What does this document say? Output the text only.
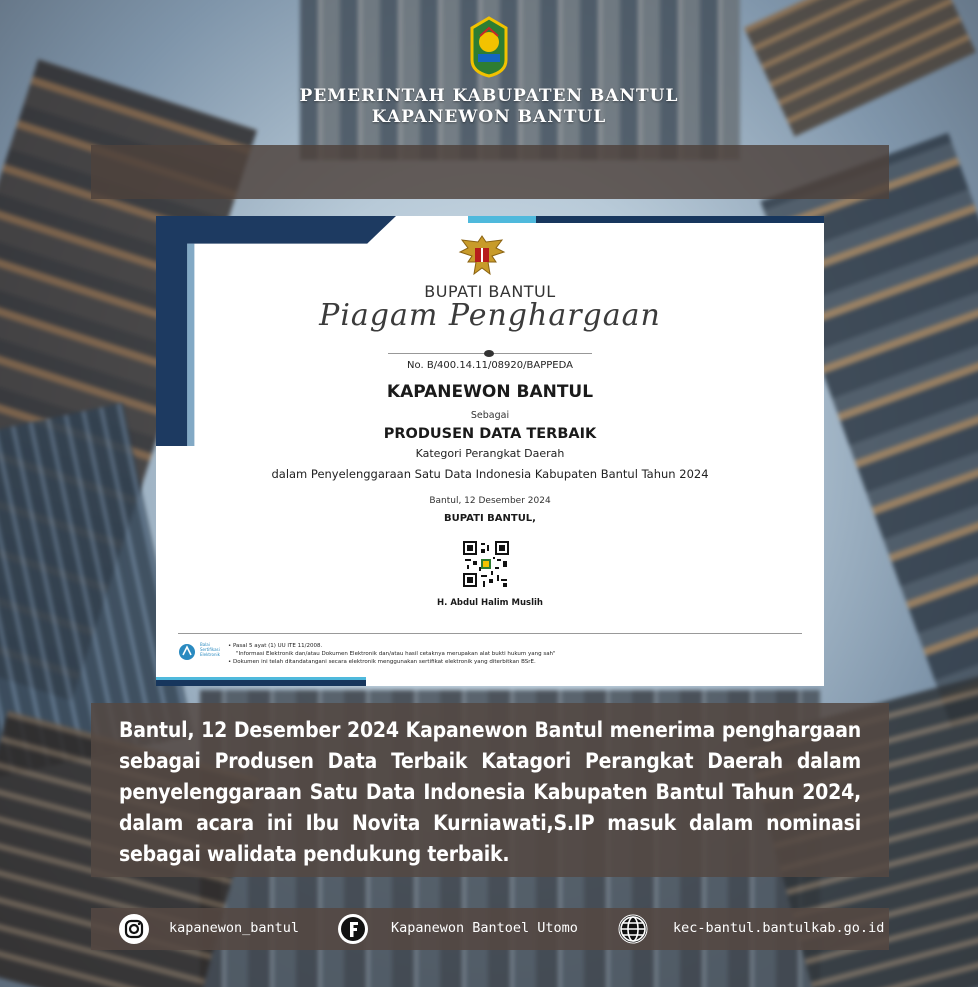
PEMERINTAH KABUPATEN BANTUL
KAPANEWON BANTUL
BUPATI BANTUL
Piagam Penghargaan
No. B/400.14.11/08920/BAPPEDA
KAPANEWON BANTUL
Sebagai
PRODUSEN DATA TERBAIK
Kategori Perangkat Daerah
dalam Penyelenggaraan Satu Data Indonesia Kabupaten Bantul Tahun 2024
Bantul, 12 Desember 2024
BUPATI BANTUL,
H. Abdul Halim Muslih
Balai Sertifikasi Elektronik
• Pasal 5 ayat (1) UU ITE 11/2008.
"Informasi Elektronik dan/atau Dokumen Elektronik dan/atau hasil cetaknya merupakan alat bukti hukum yang sah"
• Dokumen ini telah ditandatangani secara elektronik menggunakan sertifikat elektronik yang diterbitkan BSrE.
Bantul, 12 Desember 2024 Kapanewon Bantul menerima penghargaan sebagai Produsen Data Terbaik Katagori Perangkat Daerah dalam penyelenggaraan Satu Data Indonesia Kabupaten Bantul Tahun 2024, dalam acara ini Ibu Novita Kurniawati,S.IP masuk dalam nominasi sebagai walidata pendukung terbaik.
kapanewon_bantul	Kapanewon Bantoel Utomo	kec-bantul.bantulkab.go.id
